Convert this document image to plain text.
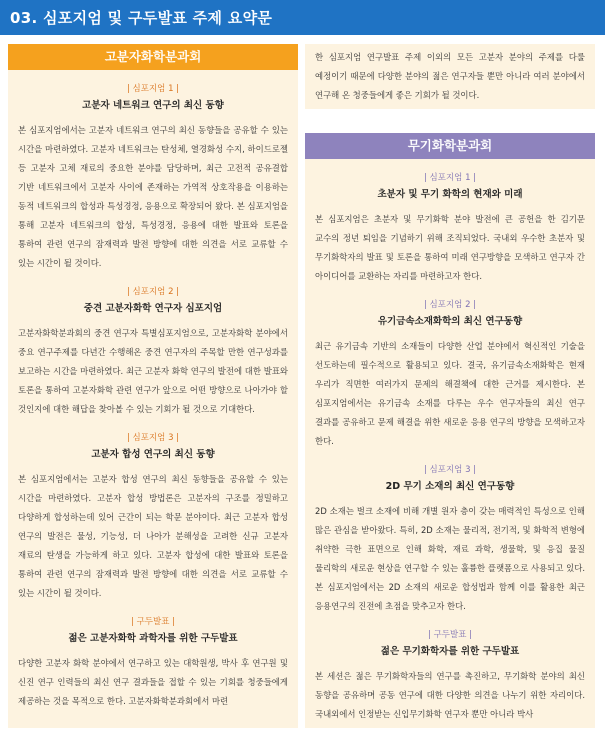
03. 심포지엄 및 구두발표 주제 요약문
고분자화학분과회
| 심포지엄 1 |
고분자 네트워크 연구의 최신 동향

본 심포지엄에서는 고분자 네트워크 연구의 최신 동향들을 공유할 수 있는 시간을 마련하였다. 고분자 네트워크는 탄성체, 열경화성 수지, 하이드로젤 등 고분자 고체 재료의 중요한 분야를 담당하며, 최근 고전적 공유결합 기반 네트워크에서 고분자 사이에 존재하는 가역적 상호작용을 이용하는 동적 네트워크의 합성과 특성경정, 응용으로 확장되어 왔다. 본 심포지엄을 통해 고분자 네트워크의 합성, 특성경정, 응용에 대한 발표와 토론을 통하여 관련 연구의 잠재력과 발전 방향에 대한 의견을 서로 교류할 수 있는 시간이 될 것이다.

| 심포지엄 2 |
중견 고분자화학 연구자 심포지엄

고분자화학분과회의 중견 연구자 특별심포지엄으로, 고분자화학 분야에서 중요 연구주제를 다년간 수행해온 중견 연구자의 주목할 만한 연구성과를 보고하는 시간을 마련하였다. 최근 고분자 화학 연구의 발전에 대한 발표와 토론을 통하여 고분자화학 관련 연구가 앞으로 어떤 방향으로 나아가야 할 것인지에 대한 해답을 찾아볼 수 있는 기회가 될 것으로 기대한다.

| 심포지엄 3 |
고분자 합성 연구의 최신 동향

본 심포지엄에서는 고분자 합성 연구의 최신 동향들을 공유할 수 있는 시간을 마련하였다. 고분자 합성 방법론은 고분자의 구조를 정밀하고 다양하게 합성하는데 있어 근간이 되는 학문 분야이다. 최근 고분자 합성 연구의 발전은 물성, 기능성, 더 나아가 분해성을 고려한 신규 고분자 재료의 탄생을 가능하게 하고 있다. 고분자 합성에 대한 발표와 토론을 통하여 관련 연구의 잠재력과 발전 방향에 대한 의견을 서로 교류할 수 있는 시간이 될 것이다.

| 구두발표 |
젊은 고분자화학 과학자를 위한 구두발표

다양한 고분자 화학 분야에서 연구하고 있는 대학원생, 박사 후 연구원 및 신진 연구 인력들의 최신 연구 결과들을 접할 수 있는 기회를 청중들에게 제공하는 것을 목적으로 한다. 고분자화학분과회에서 마련

한 심포지엄 연구발표 주제 이외의 모든 고분자 분야의 주제를 다룰 예정이기 때문에 다양한 분야의 젊은 연구자들 뿐만 아니라 여러 분야에서 연구해 온 청중들에게 좋은 기회가 될 것이다.

무기화학분과회
| 심포지엄 1 |
초분자 및 무기 화학의 현재와 미래

본 심포지엄은 초분자 및 무기화학 분야 발전에 큰 공헌을 한 김기문 교수의 정년 퇴임을 기념하기 위해 조직되었다. 국내외 우수한 초분자 및 무기화학자의 발표 및 토론을 통하여 미래 연구방향을 모색하고 연구자 간 아이디어를 교환하는 자리를 마련하고자 한다.

| 심포지엄 2 |
유기금속소재화학의 최신 연구동향

최근 유기금속 기반의 소재들이 다양한 산업 분야에서 혁신적인 기술을 선도하는데 필수적으로 활용되고 있다. 결국, 유기금속소재화학은 현재 우리가 직면한 여러가지 문제의 해결책에 대한 근거를 제시한다. 본 심포지엄에서는 유기금속 소재를 다루는 우수 연구자들의 최신 연구 결과를 공유하고 문제 해결을 위한 새로운 응용 연구의 방향을 모색하고자 한다.

| 심포지엄 3 |
2D 무기 소재의 최신 연구동향

2D 소재는 벌크 소재에 비해 개별 원자 층이 갖는 매력적인 특성으로 인해 많은 관심을 받아왔다. 특히, 2D 소재는 물리적, 전기적, 및 화학적 변형에 취약한 극한 표면으로 인해 화학, 재료 과학, 생물학, 및 응집 물질 물리학의 새로운 현상을 연구할 수 있는 훌륭한 플랫폼으로 사용되고 있다. 본 심포지엄에서는 2D 소재의 새로운 합성법과 함께 이를 활용한 최근 응용연구의 진전에 초점을 맞추고자 한다.

| 구두발표 |
젊은 무기화학자를 위한 구두발표

본 세션은 젊은 무기화학자들의 연구를 촉진하고, 무기화학 분야의 최신 동향을 공유하며 공동 연구에 대한 다양한 의견을 나누기 위한 자리이다. 국내외에서 인정받는 신입무기화학 연구자 뿐만 아니라 박사
